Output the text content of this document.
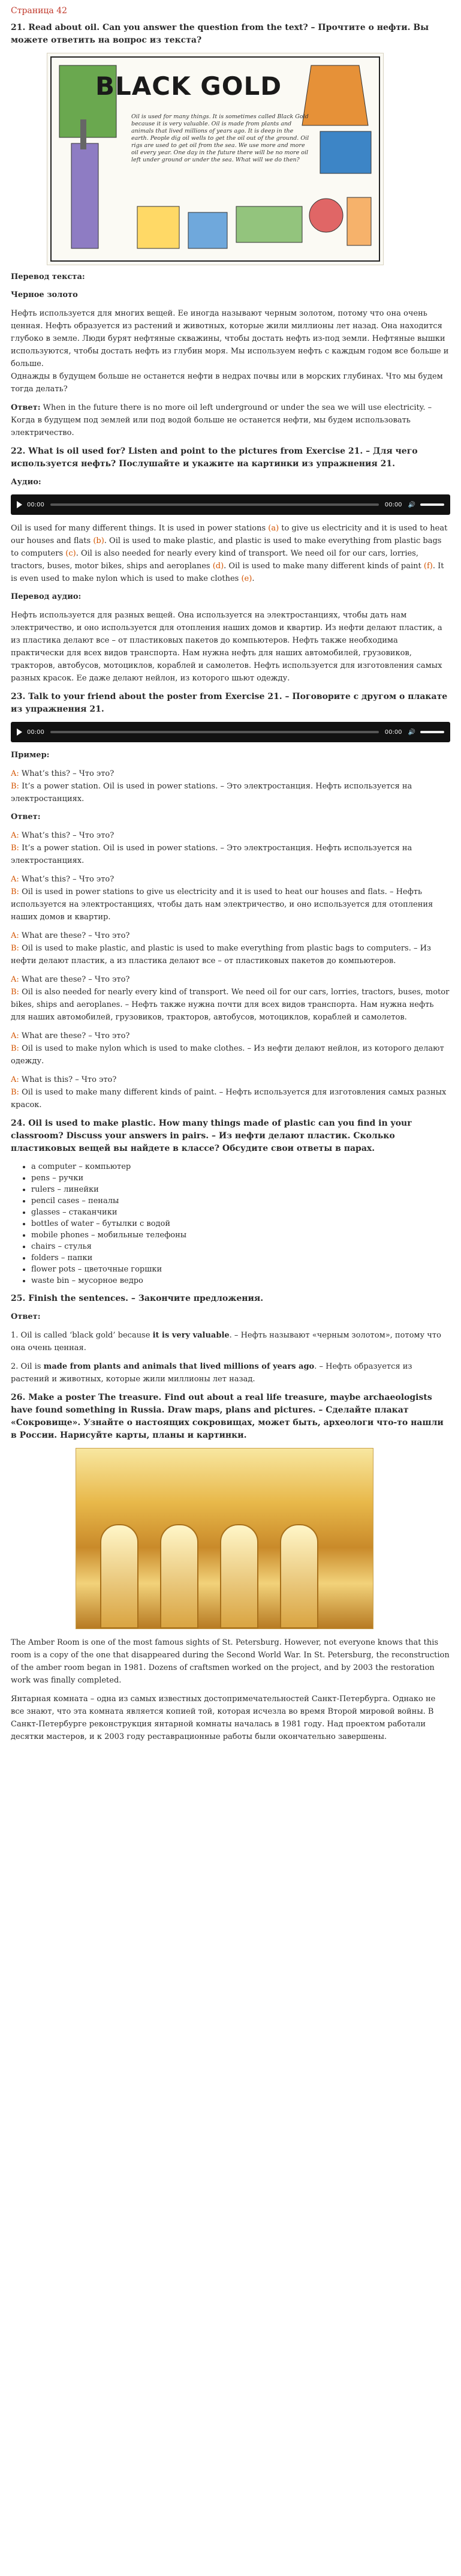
Страница 42
21. Read about oil. Can you answer the question from the text? – Прочтите о нефти. Вы можете ответить на вопрос из текста?
BLACK GOLD
Oil is used for many things. It is sometimes called Black Gold because it is very valuable. Oil is made from plants and animals that lived millions of years ago. It is deep in the earth. People dig oil wells to get the oil out of the ground. Oil rigs are used to get oil from the sea. We use more and more oil every year. One day in the future there will be no more oil left under ground or under the sea. What will we do then?
Перевод текста:
Черное золото
Нефть используется для многих вещей. Ее иногда называют черным золотом, потому что она очень ценная. Нефть образуется из растений и животных, которые жили миллионы лет назад. Она находится глубоко в земле. Люди бурят нефтяные скважины, чтобы достать нефть из-под земли. Нефтяные вышки используются, чтобы достать нефть из глубин моря. Мы используем нефть с каждым годом все больше и больше.
Однажды в будущем больше не останется нефти в недрах почвы или в морских глубинах. Что мы будем тогда делать?
Ответ: When in the future there is no more oil left underground or under the sea we will use electricity. – Когда в будущем под землей или под водой больше не останется нефти, мы будем использовать электричество.
22. What is oil used for? Listen and point to the pictures from Exercise 21. – Для чего используется нефть? Послушайте и укажите на картинки из упражнения 21.
Аудио:
00:00	00:00 🔊
Oil is used for many different things. It is used in power stations (a) to give us electricity and it is used to heat our houses and flats (b). Oil is used to make plastic, and plastic is used to make everything from plastic bags to computers (c). Oil is also needed for nearly every kind of transport. We need oil for our cars, lorries, tractors, buses, motor bikes, ships and aeroplanes (d). Oil is used to make many different kinds of paint (f). It is even used to make nylon which is used to make clothes (e).
Перевод аудио:
Нефть используется для разных вещей. Она используется на электростанциях, чтобы дать нам электричество, и оно используется для отопления наших домов и квартир. Из нефти делают пластик, а из пластика делают все – от пластиковых пакетов до компьютеров. Нефть также необходима практически для всех видов транспорта. Нам нужна нефть для наших автомобилей, грузовиков, тракторов, автобусов, мотоциклов, кораблей и самолетов. Нефть используется для изготовления самых разных красок. Ее даже делают нейлон, из которого шьют одежду.
23. Talk to your friend about the poster from Exercise 21. – Поговорите с другом о плакате из упражнения 21.
00:00	00:00 🔊
Пример:
A: What’s this? – Что это?
B: It’s a power station. Oil is used in power stations. – Это электростанция. Нефть используется на электростанциях.
Ответ:
A: What’s this? – Что это?
B: It’s a power station. Oil is used in power stations. – Это электростанция. Нефть используется на электростанциях.
A: What’s this? – Что это?
B: Oil is used in power stations to give us electricity and it is used to heat our houses and flats. – Нефть используется на электростанциях, чтобы дать нам электричество, и оно используется для отопления наших домов и квартир.
A: What are these? – Что это?
B: Oil is used to make plastic, and plastic is used to make everything from plastic bags to computers. – Из нефти делают пластик, а из пластика делают все – от пластиковых пакетов до компьютеров.
A: What are these? – Что это?
B: Oil is also needed for nearly every kind of transport. We need oil for our cars, lorries, tractors, buses, motor bikes, ships and aeroplanes. – Нефть также нужна почти для всех видов транспорта. Нам нужна нефть для наших автомобилей, грузовиков, тракторов, автобусов, мотоциклов, кораблей и самолетов.
A: What are these? – Что это?
B: Oil is used to make nylon which is used to make clothes. – Из нефти делают нейлон, из которого делают одежду.
A: What is this? – Что это?
B: Oil is used to make many different kinds of paint. – Нефть используется для изготовления самых разных красок.
24. Oil is used to make plastic. How many things made of plastic can you find in your classroom? Discuss your answers in pairs. – Из нефти делают пластик. Сколько пластиковых вещей вы найдете в классе? Обсудите свои ответы в парах.
• a computer – компьютер
• pens – ручки
• rulers – линейки
• pencil cases – пеналы
• glasses – стаканчики
• bottles of water – бутылки с водой
• mobile phones – мобильные телефоны
• chairs – стулья
• folders – папки
• flower pots – цветочные горшки
• waste bin – мусорное ведро
25. Finish the sentences. – Закончите предложения.
Ответ:
1. Oil is called ‘black gold’ because it is very valuable. – Нефть называют «черным золотом», потому что она очень ценная.
2. Oil is made from plants and animals that lived millions of years ago. – Нефть образуется из растений и животных, которые жили миллионы лет назад.
26. Make a poster The treasure. Find out about a real life treasure, maybe archaeologists have found something in Russia. Draw maps, plans and pictures. – Сделайте плакат «Сокровище». Узнайте о настоящих сокровищах, может быть, археологи что-то нашли в России. Нарисуйте карты, планы и картинки.
The Amber Room is one of the most famous sights of St. Petersburg. However, not everyone knows that this room is a copy of the one that disappeared during the Second World War. In St. Petersburg, the reconstruction of the amber room began in 1981. Dozens of craftsmen worked on the project, and by 2003 the restoration work was finally completed.
Янтарная комната – одна из самых известных достопримечательностей Санкт-Петербурга. Однако не все знают, что эта комната является копией той, которая исчезла во время Второй мировой войны. В Санкт-Петербурге реконструкция янтарной комнаты началась в 1981 году. Над проектом работали десятки мастеров, и к 2003 году реставрационные работы были окончательно завершены.
